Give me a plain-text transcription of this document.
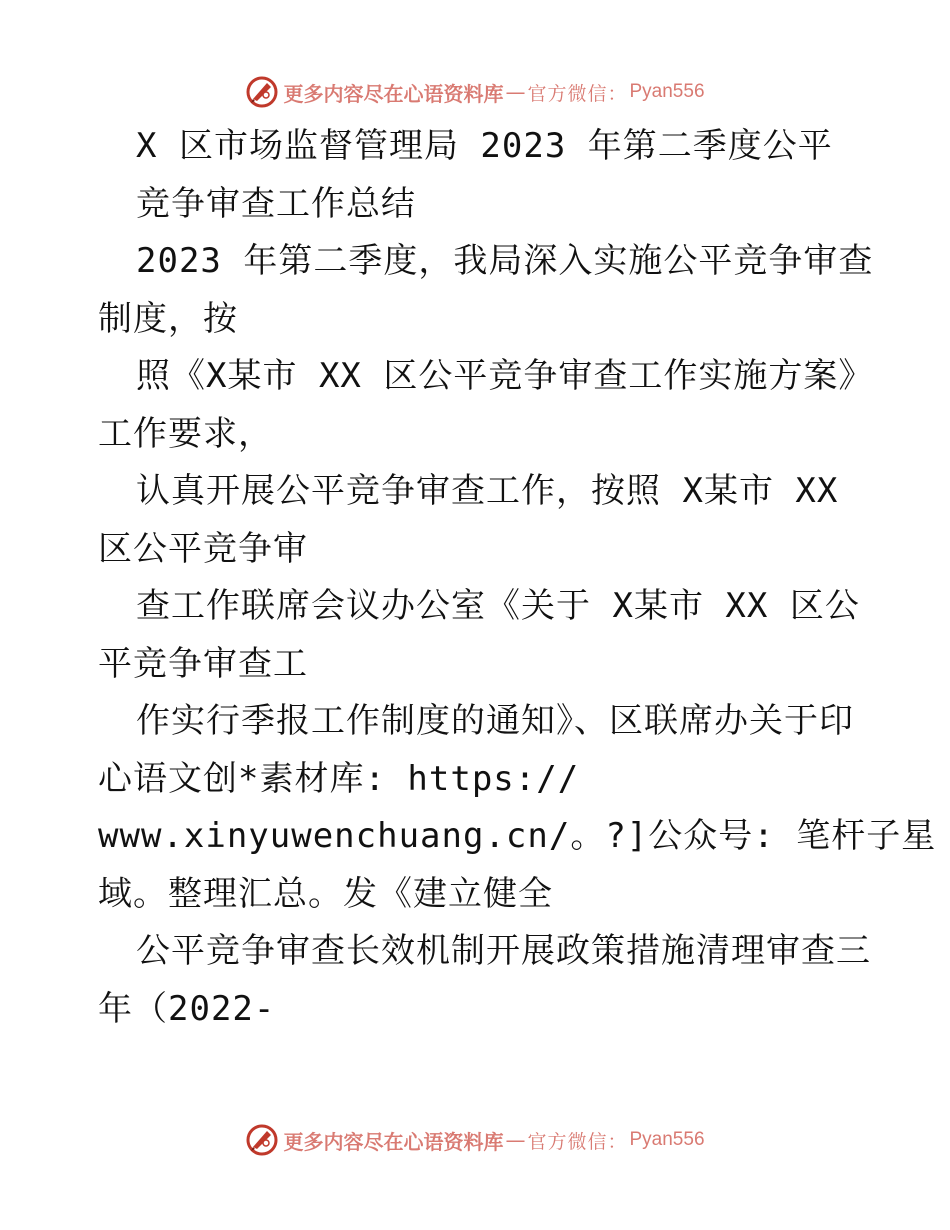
更多内容尽在心语资料库 — 官方微信： Pyan556
X 区市场监督管理局 2023 年第二季度公平
竞争审查工作总结
2023 年第二季度，我局深入实施公平竞争审查
制度，按
照《X某市 XX 区公平竞争审查工作实施方案》
工作要求，
认真开展公平竞争审查工作，按照 X某市 XX
区公平竞争审
查工作联席会议办公室《关于 X某市 XX 区公
平竞争审查工
作实行季报工作制度的通知》、区联席办关于印
心语文创*素材库: https://
www.xinyuwenchuang.cn/。?]公众号: 笔杆子星
域。整理汇总。发《建立健全
公平竞争审查长效机制开展政策措施清理审查三
年（2022-
更多内容尽在心语资料库 — 官方微信： Pyan556
